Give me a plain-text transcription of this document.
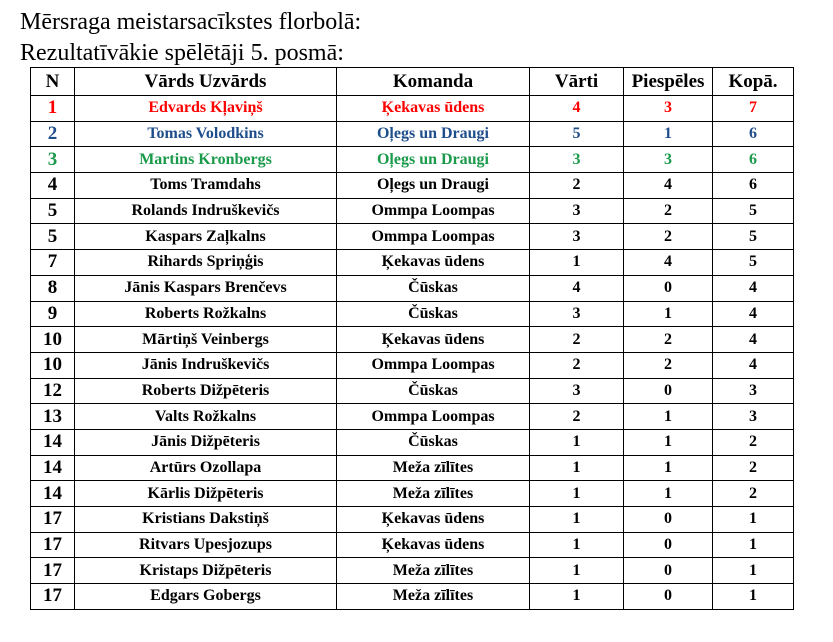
Mērsraga meistarsacīkstes florbolā:
Rezultatīvākie spēlētāji 5. posmā:
N	Vārds Uzvārds	Komanda	Vārti	Piespēles	Kopā.
1	Edvards Kļaviņš	Ķekavas ūdens	4	3	7
2	Tomas Volodkins	Oļegs un Draugi	5	1	6
3	Martins Kronbergs	Oļegs un Draugi	3	3	6
4	Toms Tramdahs	Oļegs un Draugi	2	4	6
5	Rolands Indruškevičs	Ommpa Loompas	3	2	5
5	Kaspars Zaļkalns	Ommpa Loompas	3	2	5
7	Rihards Spriņģis	Ķekavas ūdens	1	4	5
8	Jānis Kaspars Brenčevs	Čūskas	4	0	4
9	Roberts Rožkalns	Čūskas	3	1	4
10	Mārtiņš Veinbergs	Ķekavas ūdens	2	2	4
10	Jānis Indruškevičs	Ommpa Loompas	2	2	4
12	Roberts Dižpēteris	Čūskas	3	0	3
13	Valts Rožkalns	Ommpa Loompas	2	1	3
14	Jānis Dižpēteris	Čūskas	1	1	2
14	Artūrs Ozollapa	Meža zīlītes	1	1	2
14	Kārlis Dižpēteris	Meža zīlītes	1	1	2
17	Kristians Dakstiņš	Ķekavas ūdens	1	0	1
17	Ritvars Upesjozups	Ķekavas ūdens	1	0	1
17	Kristaps Dižpēteris	Meža zīlītes	1	0	1
17	Edgars Gobergs	Meža zīlītes	1	0	1
